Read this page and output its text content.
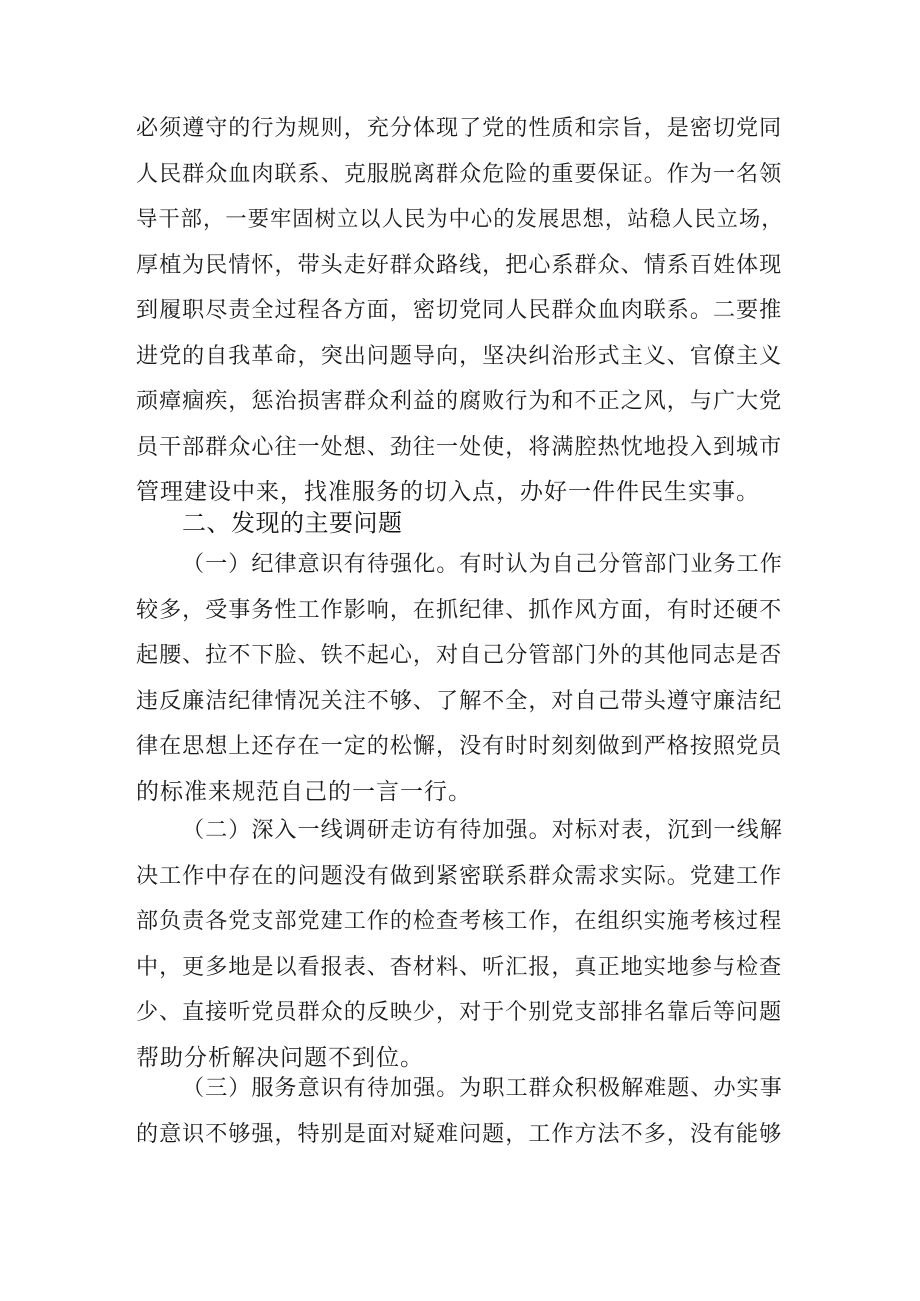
必须遵守的行为规则，充分体现了党的性质和宗旨，是密切党同
人民群众血肉联系、克服脱离群众危险的重要保证。作为一名领
导干部，一要牢固树立以人民为中心的发展思想，站稳人民立场，
厚植为民情怀，带头走好群众路线，把心系群众、情系百姓体现
到履职尽责全过程各方面，密切党同人民群众血肉联系。二要推
进党的自我革命，突出问题导向，坚决纠治形式主义、官僚主义
顽瘴痼疾，惩治损害群众利益的腐败行为和不正之风，与广大党
员干部群众心往一处想、劲往一处使，将满腔热忱地投入到城市
管理建设中来，找准服务的切入点，办好一件件民生实事。
二、发现的主要问题
（一）纪律意识有待强化。有时认为自己分管部门业务工作
较多，受事务性工作影响，在抓纪律、抓作风方面，有时还硬不
起腰、拉不下脸、铁不起心，对自己分管部门外的其他同志是否
违反廉洁纪律情况关注不够、了解不全，对自己带头遵守廉洁纪
律在思想上还存在一定的松懈，没有时时刻刻做到严格按照党员
的标准来规范自己的一言一行。
（二）深入一线调研走访有待加强。对标对表，沉到一线解
决工作中存在的问题没有做到紧密联系群众需求实际。党建工作
部负责各党支部党建工作的检查考核工作，在组织实施考核过程
中，更多地是以看报表、杳材料、听汇报，真正地实地参与检查
少、直接听党员群众的反映少，对于个别党支部排名靠后等问题
帮助分析解决问题不到位。
（三）服务意识有待加强。为职工群众积极解难题、办实事
的意识不够强，特别是面对疑难问题，工作方法不多，没有能够
